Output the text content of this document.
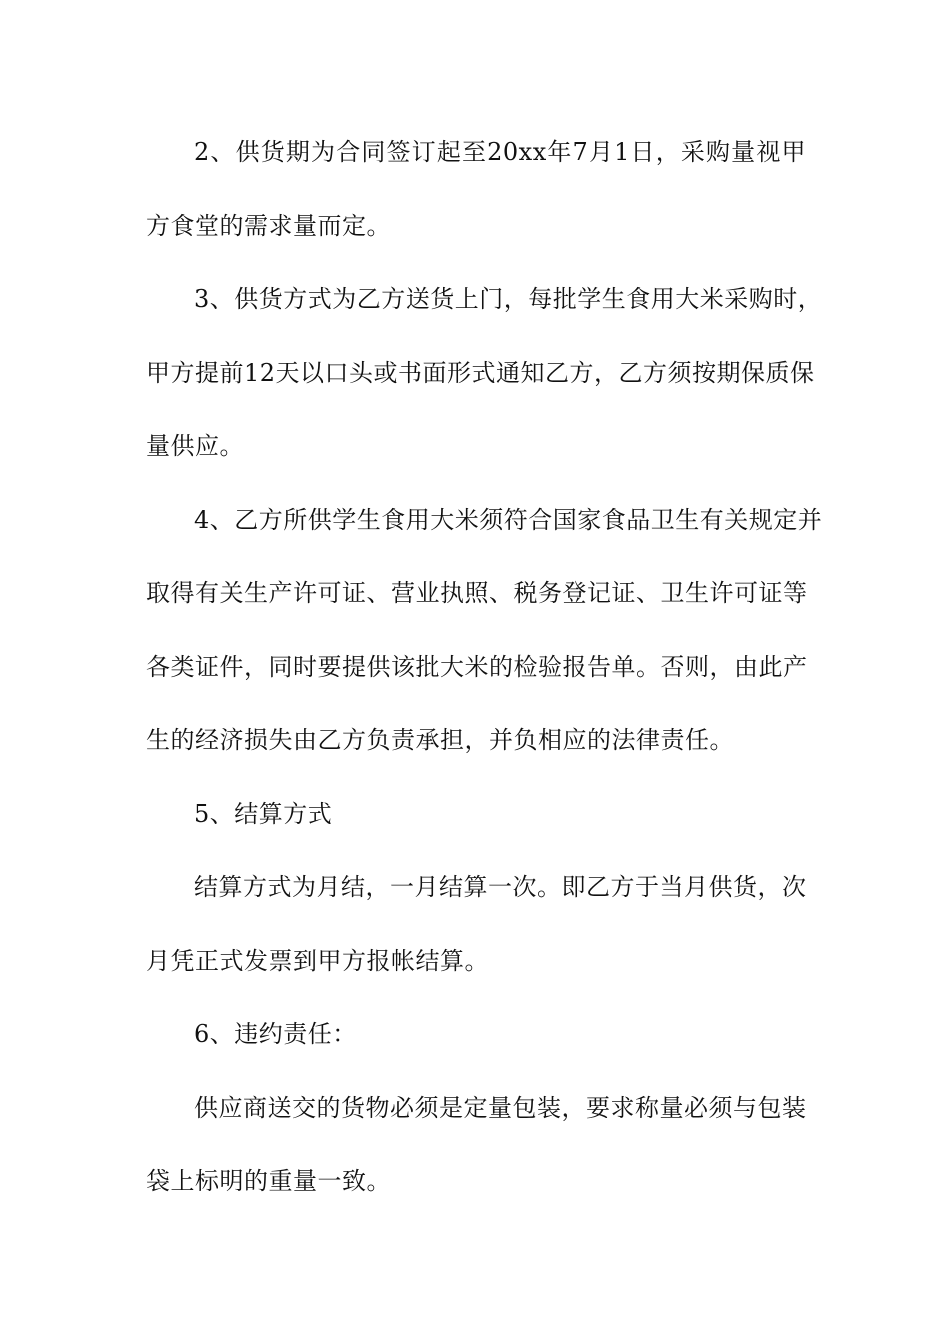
2、供货期为合同签订起至20xx年7月1日，采购量视甲
方食堂的需求量而定。
3、供货方式为乙方送货上门，每批学生食用大米采购时，
甲方提前12天以口头或书面形式通知乙方，乙方须按期保质保
量供应。
4、乙方所供学生食用大米须符合国家食品卫生有关规定并
取得有关生产许可证、营业执照、税务登记证、卫生许可证等
各类证件，同时要提供该批大米的检验报告单。否则，由此产
生的经济损失由乙方负责承担，并负相应的法律责任。
5、结算方式
结算方式为月结，一月结算一次。即乙方于当月供货，次
月凭正式发票到甲方报帐结算。
6、违约责任：
供应商送交的货物必须是定量包装，要求称量必须与包装
袋上标明的重量一致。
